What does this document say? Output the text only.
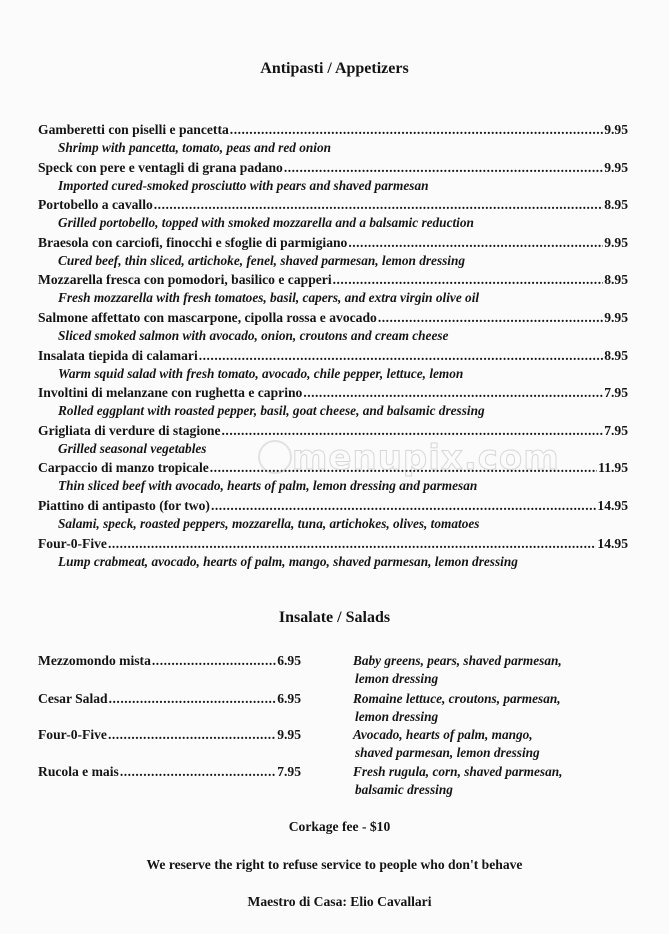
Antipasti / Appetizers
Gamberetti con piselli e pancetta .....	9.95
Shrimp with pancetta, tomato, peas and red onion
Speck con pere e ventagli di grana padano .....	9.95
Imported cured-smoked prosciutto with pears and shaved parmesan
Portobello a cavallo .....	8.95
Grilled portobello, topped with smoked mozzarella and a balsamic reduction
Braesola con carciofi, finocchi e sfoglie di parmigiano .....	9.95
Cured beef, thin sliced, artichoke, fenel, shaved parmesan, lemon dressing
Mozzarella fresca con pomodori, basilico e capperi .....	8.95
Fresh mozzarella with fresh tomatoes, basil, capers, and extra virgin olive oil
Salmone affettato con mascarpone, cipolla rossa e avocado .....	9.95
Sliced smoked salmon with avocado, onion, croutons and cream cheese
Insalata tiepida di calamari .....	8.95
Warm squid salad with fresh tomato, avocado, chile pepper, lettuce, lemon
Involtini di melanzane con rughetta e caprino .....	7.95
Rolled eggplant with roasted pepper, basil, goat cheese, and balsamic dressing
Grigliata di verdure di stagione .....	7.95
Grilled seasonal vegetables
Carpaccio di manzo tropicale .....	11.95
Thin sliced beef with avocado, hearts of palm, lemon dressing and parmesan
Piattino di antipasto (for two) .....	14.95
Salami, speck, roasted peppers, mozzarella, tuna, artichokes, olives, tomatoes
Four-0-Five .....	14.95
Lump crabmeat, avocado, hearts of palm, mango, shaved parmesan, lemon dressing
menupix.com
Insalate / Salads
Mezzomondo mista .....	6.95	Baby greens, pears, shaved parmesan,
lemon dressing
Cesar Salad .....	6.95	Romaine lettuce, croutons, parmesan,
lemon dressing
Four-0-Five .....	9.95	Avocado, hearts of palm, mango,
shaved parmesan, lemon dressing
Rucola e mais .....	7.95	Fresh rugula, corn, shaved parmesan,
balsamic dressing
Corkage fee - $10
We reserve the right to refuse service to people who don't behave
Maestro di Casa: Elio Cavallari
